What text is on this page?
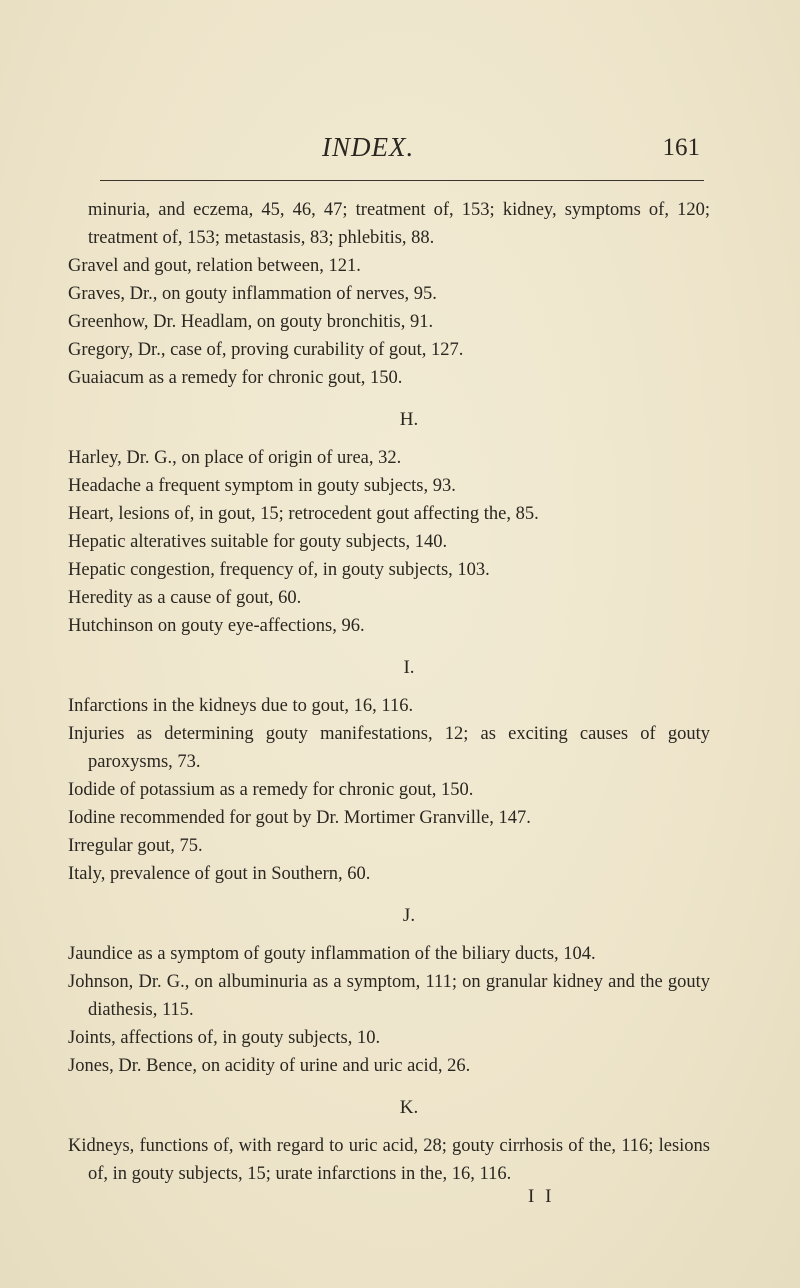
INDEX.	161
minuria, and eczema, 45, 46, 47; treatment of, 153; kidney, symptoms of, 120; treatment of, 153; metastasis, 83; phlebitis, 88.
Gravel and gout, relation between, 121.
Graves, Dr., on gouty inflammation of nerves, 95.
Greenhow, Dr. Headlam, on gouty bronchitis, 91.
Gregory, Dr., case of, proving curability of gout, 127.
Guaiacum as a remedy for chronic gout, 150.
H.
Harley, Dr. G., on place of origin of urea, 32.
Headache a frequent symptom in gouty subjects, 93.
Heart, lesions of, in gout, 15; retrocedent gout affecting the, 85.
Hepatic alteratives suitable for gouty subjects, 140.
Hepatic congestion, frequency of, in gouty subjects, 103.
Heredity as a cause of gout, 60.
Hutchinson on gouty eye-affections, 96.
I.
Infarctions in the kidneys due to gout, 16, 116.
Injuries as determining gouty manifestations, 12; as exciting causes of gouty paroxysms, 73.
Iodide of potassium as a remedy for chronic gout, 150.
Iodine recommended for gout by Dr. Mortimer Granville, 147.
Irregular gout, 75.
Italy, prevalence of gout in Southern, 60.
J.
Jaundice as a symptom of gouty inflammation of the biliary ducts, 104.
Johnson, Dr. G., on albuminuria as a symptom, 111; on granular kidney and the gouty diathesis, 115.
Joints, affections of, in gouty subjects, 10.
Jones, Dr. Bence, on acidity of urine and uric acid, 26.
K.
Kidneys, functions of, with regard to uric acid, 28; gouty cirrhosis of the, 116; lesions of, in gouty subjects, 15; urate infarctions in the, 16, 116.
I I
